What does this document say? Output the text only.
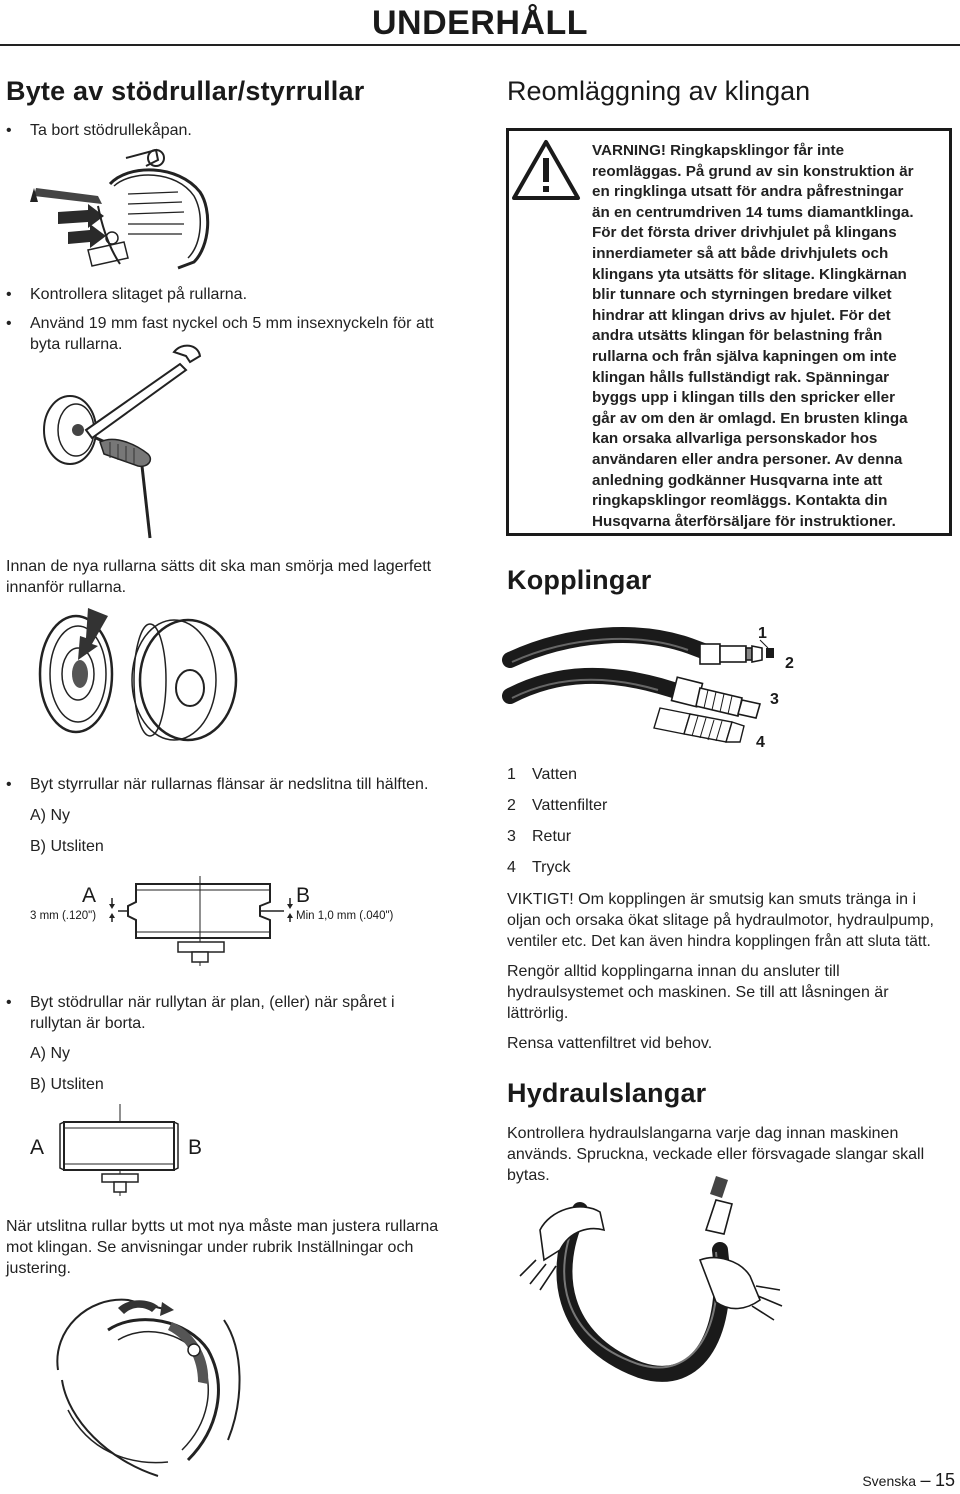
UNDERHÅLL
Byte av stödrullar/styrrullar
• Ta bort stödrullekåpan.
• Kontrollera slitaget på rullarna.
• Använd 19 mm fast nyckel och 5 mm insexnyckeln för att
byta rullarna.
Innan de nya rullarna sätts dit ska man smörja med lagerfett
innanför rullarna.
• Byt styrrullar när rullarnas flänsar är nedslitna till hälften.
A) Ny
B) Utsliten
A	B
3 mm (.120")	Min 1,0 mm (.040")
• Byt stödrullar när rullytan är plan, (eller) när spåret i
rullytan är borta.
A) Ny
B) Utsliten
A	B
När utslitna rullar bytts ut mot nya måste man justera rullarna
mot klingan. Se anvisningar under rubrik Inställningar och
justering.
Reomläggning av klingan
VARNING! Ringkapsklingor får inte
reomläggas. På grund av sin konstruktion är
en ringklinga utsatt för andra påfrestningar
än en centrumdriven 14 tums diamantklinga.
För det första driver drivhjulet på klingans
innerdiameter så att både drivhjulets och
klingans yta utsätts för slitage. Klingkärnan
blir tunnare och styrningen bredare vilket
hindrar att klingan drivs av hjulet. För det
andra utsätts klingan för belastning från
rullarna och från själva kapningen om inte
klingan hålls fullständigt rak. Spänningar
byggs upp i klingan tills den spricker eller
går av om den är omlagd. En brusten klinga
kan orsaka allvarliga personskador hos
användaren eller andra personer. Av denna
anledning godkänner Husqvarna inte att
ringkapsklingor reomläggs. Kontakta din
Husqvarna återförsäljare för instruktioner.
Kopplingar
1
2
3
4
1 Vatten
2 Vattenfilter
3 Retur
4 Tryck
VIKTIGT! Om kopplingen är smutsig kan smuts tränga in i
oljan och orsaka ökat slitage på hydraulmotor, hydraulpump,
ventiler etc. Det kan även hindra kopplingen från att sluta tätt.
Rengör alltid kopplingarna innan du ansluter till
hydraulsystemet och maskinen. Se till att låsningen är
lättrörlig.
Rensa vattenfiltret vid behov.
Hydraulslangar
Kontrollera hydraulslangarna varje dag innan maskinen
används. Spruckna, veckade eller försvagade slangar skall
bytas.
Svenska – 15
